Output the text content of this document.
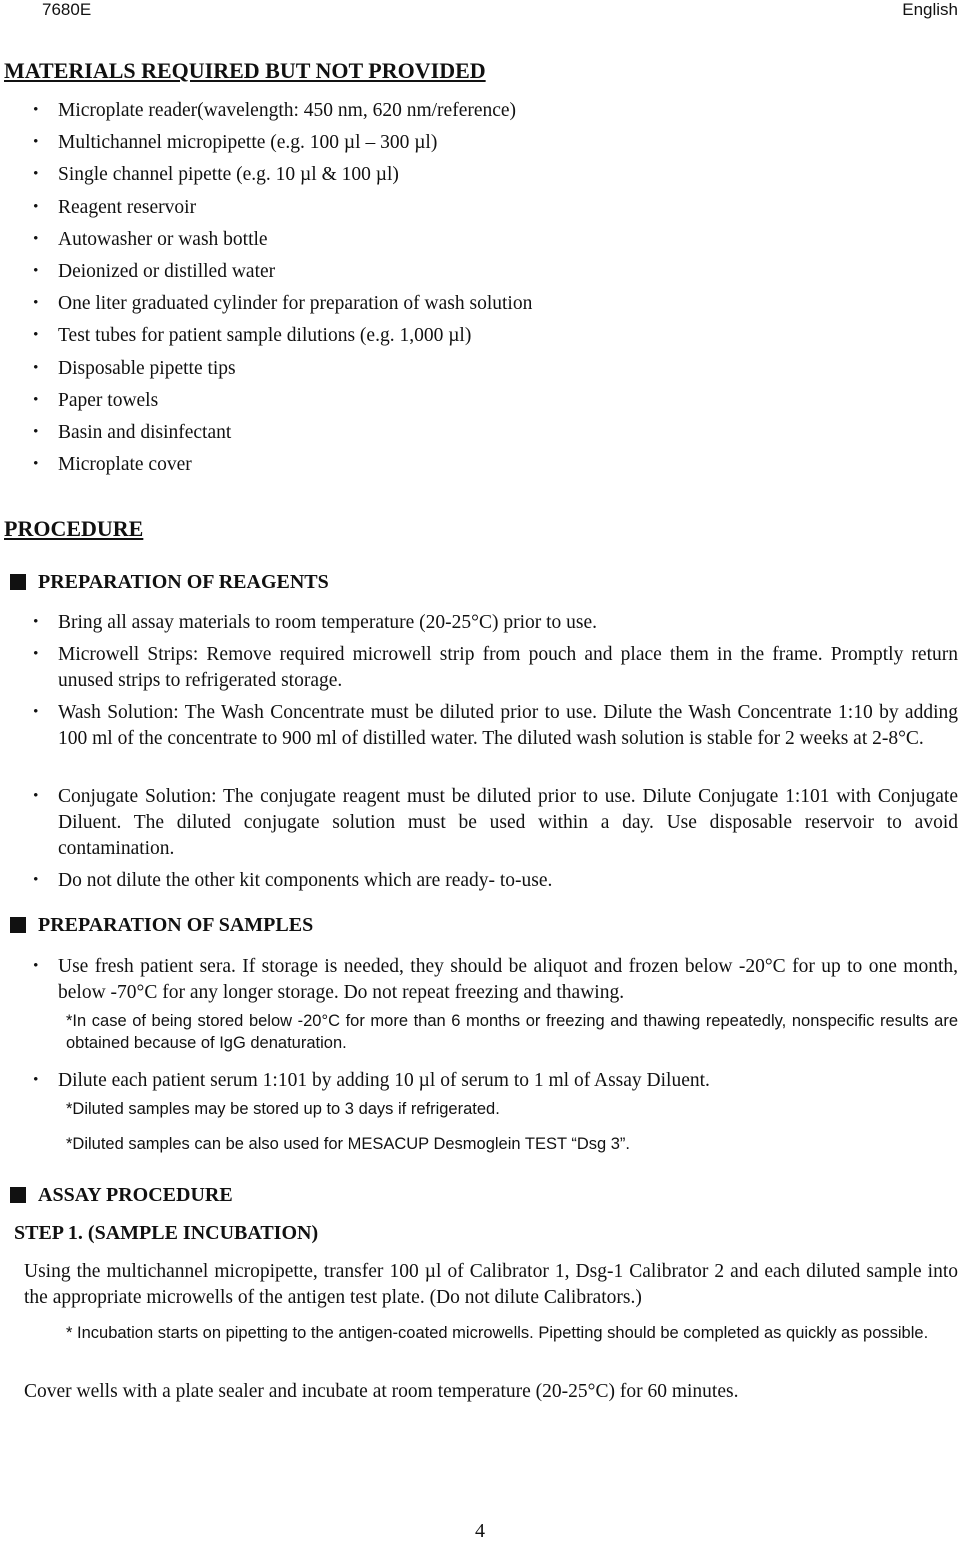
7680E	English
MATERIALS REQUIRED BUT NOT PROVIDED
・ Microplate reader(wavelength: 450 nm, 620 nm/reference)
・ Multichannel micropipette (e.g. 100 µl – 300 µl)
・ Single channel pipette (e.g. 10 µl & 100 µl)
・ Reagent reservoir
・ Autowasher or wash bottle
・ Deionized or distilled water
・ One liter graduated cylinder for preparation of wash solution
・ Test tubes for patient sample dilutions (e.g. 1,000 µl)
・ Disposable pipette tips
・ Paper towels
・ Basin and disinfectant
・ Microplate cover
PROCEDURE
PREPARATION OF REAGENTS
・ Bring all assay materials to room temperature (20-25°C) prior to use.
・ Microwell Strips: Remove required microwell strip from pouch and place them in the frame. Promptly return unused strips to refrigerated storage.
・ Wash Solution: The Wash Concentrate must be diluted prior to use. Dilute the Wash Concentrate 1:10 by adding 100 ml of the concentrate to 900 ml of distilled water. The diluted wash solution is stable for 2 weeks at 2-8°C.
・ Conjugate Solution: The conjugate reagent must be diluted prior to use. Dilute Conjugate 1:101 with Conjugate Diluent. The diluted conjugate solution must be used within a day. Use disposable reservoir to avoid contamination.
・ Do not dilute the other kit components which are ready- to-use.
PREPARATION OF SAMPLES
・ Use fresh patient sera. If storage is needed, they should be aliquot and frozen below -20°C for up to one month, below -70°C for any longer storage. Do not repeat freezing and thawing.
*In case of being stored below -20°C for more than 6 months or freezing and thawing repeatedly, nonspecific results are obtained because of IgG denaturation.
・ Dilute each patient serum 1:101 by adding 10 µl of serum to 1 ml of Assay Diluent.
*Diluted samples may be stored up to 3 days if refrigerated.
*Diluted samples can be also used for MESACUP Desmoglein TEST “Dsg 3”.
ASSAY PROCEDURE
STEP 1. (SAMPLE INCUBATION)
Using the multichannel micropipette, transfer 100 µl of Calibrator 1, Dsg-1 Calibrator 2 and each diluted sample into the appropriate microwells of the antigen test plate. (Do not dilute Calibrators.)
* Incubation starts on pipetting to the antigen-coated microwells. Pipetting should be completed as quickly as possible.
Cover wells with a plate sealer and incubate at room temperature (20-25°C) for 60 minutes.
4
